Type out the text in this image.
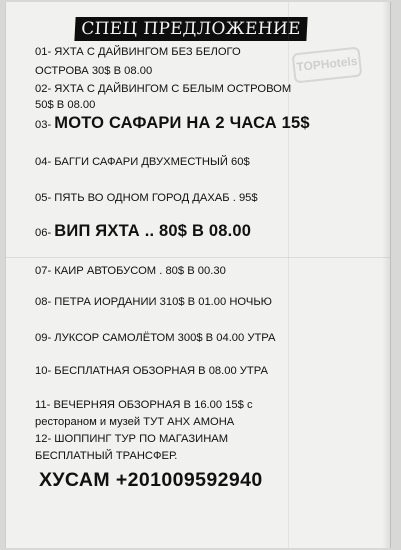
TOPHotels
СПЕЦ ПРЕДЛОЖЕНИЕ
01- ЯХТА С ДАЙВИНГОМ БЕЗ БЕЛОГО
ОСТРОВА 30$ В 08.00
02- ЯХТА С ДАЙВИНГОМ С БЕЛЫМ ОСТРОВОМ
50$ В 08.00
03- МОТО САФАРИ НА 2 ЧАСА 15$
04- БАГГИ САФАРИ ДВУХМЕСТНЫЙ 60$
05- ПЯТЬ ВО ОДНОМ ГОРОД ДАХАБ . 95$
06- ВИП ЯХТА .. 80$ В 08.00
07- КАИР АВТОБУСОМ . 80$ В 00.30
08- ПЕТРА ИОРДАНИИ 310$ В 01.00 НОЧЬЮ
09- ЛУКСОР САМОЛЁТОМ 300$ В 04.00 УТРА
10- БЕСПЛАТНАЯ ОБЗОРНАЯ В 08.00 УТРА
11- ВЕЧЕРНЯЯ ОБЗОРНАЯ В 16.00 15$ с
рестораном и музей ТУТ АНХ АМОНА
12- ШОППИНГ ТУР ПО МАГАЗИНАМ
БЕСПЛАТНЫЙ ТРАНСФЕР.
ХУСАМ +201009592940
